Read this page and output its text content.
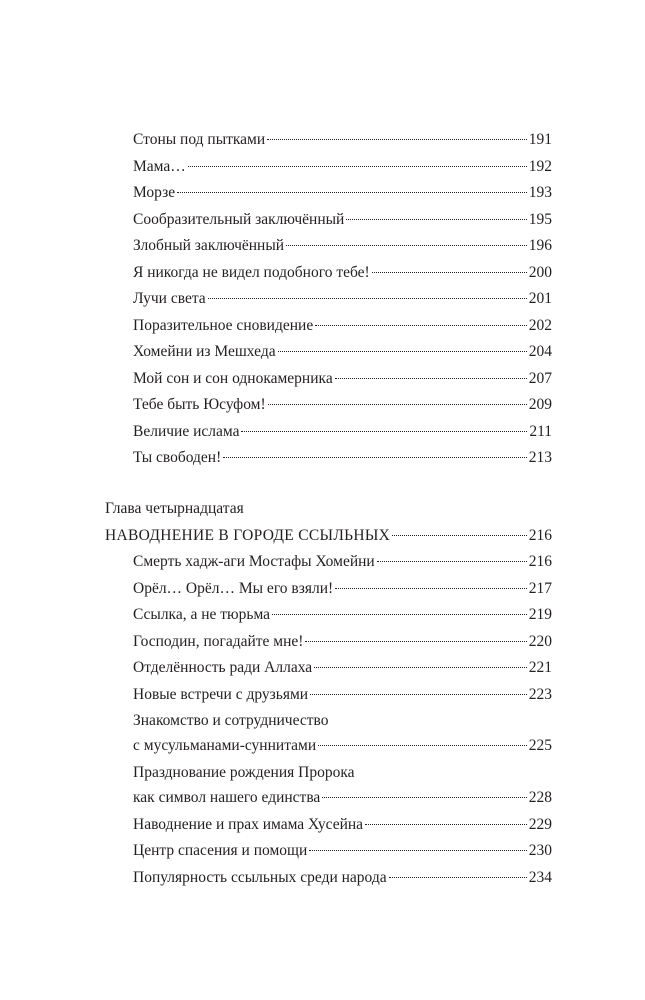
Стоны под пытками	191
Мама…	192
Морзе	193
Сообразительный заключённый	195
Злобный заключённый	196
Я никогда не видел подобного тебе!	200
Лучи света	201
Поразительное сновидение	202
Хомейни из Мешхеда	204
Мой сон и сон однокамерника	207
Тебе быть Юсуфом!	209
Величие ислама	211
Ты свободен!	213
Глава четырнадцатая
НАВОДНЕНИЕ В ГОРОДЕ ССЫЛЬНЫХ	216
Смерть хадж-аги Мостафы Хомейни	216
Орёл… Орёл… Мы его взяли!	217
Ссылка, а не тюрьма	219
Господин, погадайте мне!	220
Отделённость ради Аллаха	221
Новые встречи с друзьями	223
Знакомство и сотрудничество
с мусульманами-суннитами	225
Празднование рождения Пророка
как символ нашего единства	228
Наводнение и прах имама Хусейна	229
Центр спасения и помощи	230
Популярность ссыльных среди народа	234
